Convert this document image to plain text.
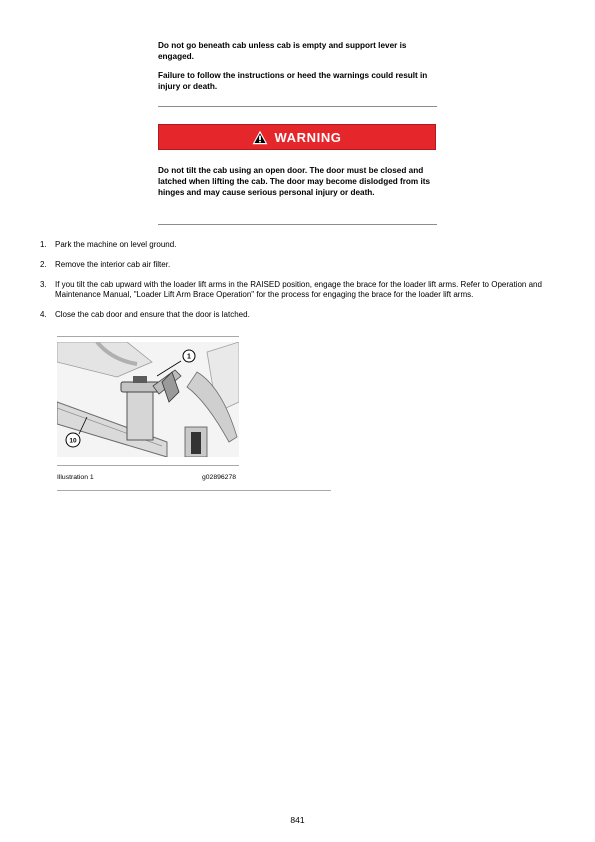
Do not go beneath cab unless cab is empty and support lever is engaged.

Failure to follow the instructions or heed the warnings could result in injury or death.

WARNING

Do not tilt the cab using an open door. The door must be closed and latched when lifting the cab. The door may become dislodged from its hinges and may cause serious personal injury or death.

1. Park the machine on level ground.
2. Remove the interior cab air filter.
3. If you tilt the cab upward with the loader lift arms in the RAISED position, engage the brace for the loader lift arms. Refer to Operation and Maintenance Manual, "Loader Lift Arm Brace Operation" for the process for engaging the brace for the loader lift arms.
4. Close the cab door and ensure that the door is latched.
1
10
Illustration 1	g02896278
841
